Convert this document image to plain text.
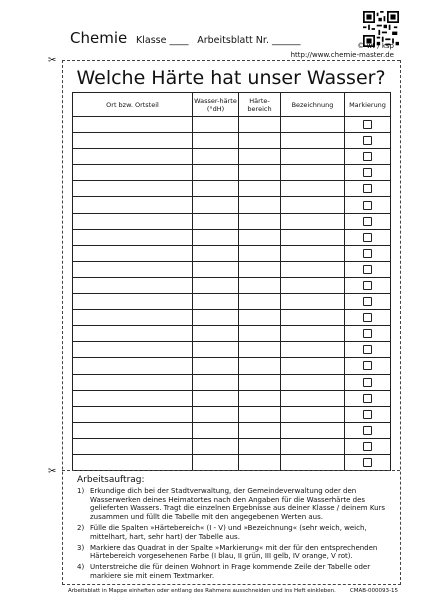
Chemie Klasse ____ Arbeitsblatt Nr. ______	© wt / ksp
http://www.chemie-master.de
✂
Welche Härte hat unser Wasser?
Ort bzw. Ortsteil	Wasser-härte (°dH)	Härte-bereich	Bezeichnung	Markierung

✂
Arbeitsauftrag:
1) Erkundige dich bei der Stadtverwaltung, der Gemeindeverwaltung oder den Wasserwerken deines Heimatortes nach den Angaben für die Wasserhärte des gelieferten Wassers. Tragt die einzelnen Ergebnisse aus deiner Klasse / deinem Kurs zusammen und füllt die Tabelle mit den angegebenen Werten aus.
2) Fülle die Spalten »Härtebereich« (I - V) und »Bezeichnung« (sehr weich, weich, mittelhart, hart, sehr hart) der Tabelle aus.
3) Markiere das Quadrat in der Spalte »Markierung« mit der für den entsprechenden Härtebereich vorgesehenen Farbe (I blau, II grün, III gelb, IV orange, V rot).
4) Unterstreiche die für deinen Wohnort in Frage kommende Zeile der Tabelle oder markiere sie mit einem Textmarker.
Arbeitsblatt in Mappe einheften oder entlang des Rahmens ausschneiden und ins Heft einkleben.	CMAB-000093-15
